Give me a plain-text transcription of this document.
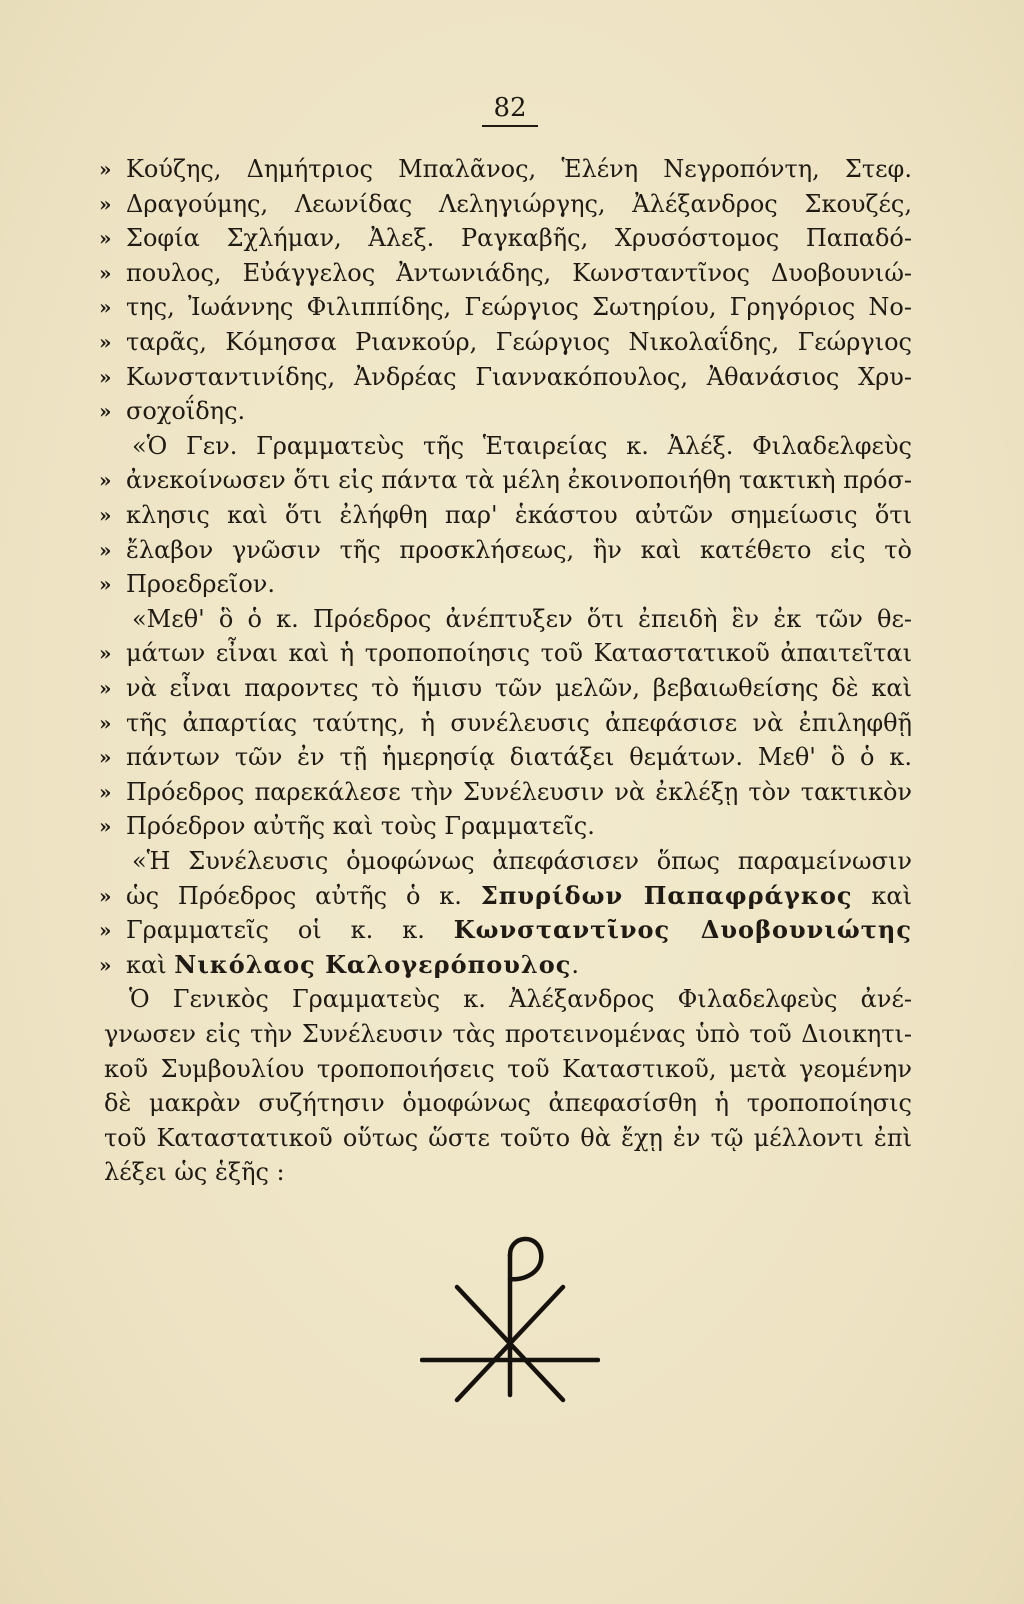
82
» Κούζης, Δημήτριος Μπαλᾶνος, Ἑλένη Νεγροπόντη, Στεφ.
» Δραγούμης, Λεωνίδας Λεληγιώργης, Ἀλέξανδρος Σκουζές,
» Σοφία Σχλήμαν, Ἀλεξ. Ραγκαβῆς, Χρυσόστομος Παπαδό-
» πουλος, Εὐάγγελος Ἀντωνιάδης, Κωνσταντῖνος Δυοβουνιώ-
» της, Ἰωάννης Φιλιππίδης, Γεώργιος Σωτηρίου, Γρηγόριος Νο-
» ταρᾶς, Κόμησσα Ριανκούρ, Γεώργιος Νικολαΐδης, Γεώργιος
» Κωνσταντινίδης, Ἀνδρέας Γιαννακόπουλος, Ἀθανάσιος Χρυ-
» σοχοΐδης.
«Ὁ Γεν. Γραμματεὺς τῆς Ἑταιρείας κ. Ἀλέξ. Φιλαδελφεὺς
» ἀνεκοίνωσεν ὅτι εἰς πάντα τὰ μέλη ἐκοινοποιήθη τακτικὴ πρόσ-
» κλησις καὶ ὅτι ἐλήφθη παρ' ἑκάστου αὐτῶν σημείωσις ὅτι
» ἔλαβον γνῶσιν τῆς προσκλήσεως, ἣν καὶ κατέθετο εἰς τὸ
» Προεδρεῖον.
«Μεθ' ὃ ὁ κ. Πρόεδρος ἀνέπτυξεν ὅτι ἐπειδὴ ἓν ἐκ τῶν θε-
» μάτων εἶναι καὶ ἡ τροποποίησις τοῦ Καταστατικοῦ ἀπαιτεῖται
» νὰ εἶναι παροντες τὸ ἥμισυ τῶν μελῶν, βεβαιωθείσης δὲ καὶ
» τῆς ἀπαρτίας ταύτης, ἡ συνέλευσις ἀπεφάσισε νὰ ἐπιληφθῇ
» πάντων τῶν ἐν τῇ ἡμερησίᾳ διατάξει θεμάτων. Μεθ' ὃ ὁ κ.
» Πρόεδρος παρεκάλεσε τὴν Συνέλευσιν νὰ ἐκλέξῃ τὸν τακτικὸν
» Πρόεδρον αὐτῆς καὶ τοὺς Γραμματεῖς.
«Ἡ Συνέλευσις ὁμοφώνως ἀπεφάσισεν ὅπως παραμείνωσιν
» ὡς Πρόεδρος αὐτῆς ὁ κ. Σπυρίδων Παπαφράγκος καὶ
» Γραμματεῖς οἱ κ. κ. Κωνσταντῖνος Δυοβουνιώτης
» καὶ Νικόλαος Καλογερόπουλος.
Ὁ Γενικὸς Γραμματεὺς κ. Ἀλέξανδρος Φιλαδελφεὺς ἀνέ-
γνωσεν εἰς τὴν Συνέλευσιν τὰς προτεινομένας ὑπὸ τοῦ Διοικητι-
κοῦ Συμβουλίου τροποποιήσεις τοῦ Καταστικοῦ, μετὰ γεομένην
δὲ μακρὰν συζήτησιν ὁμοφώνως ἀπεφασίσθη ἡ τροποποίησις
τοῦ Καταστατικοῦ οὕτως ὥστε τοῦτο θὰ ἔχῃ ἐν τῷ μέλλοντι ἐπὶ
λέξει ὡς ἑξῆς :
